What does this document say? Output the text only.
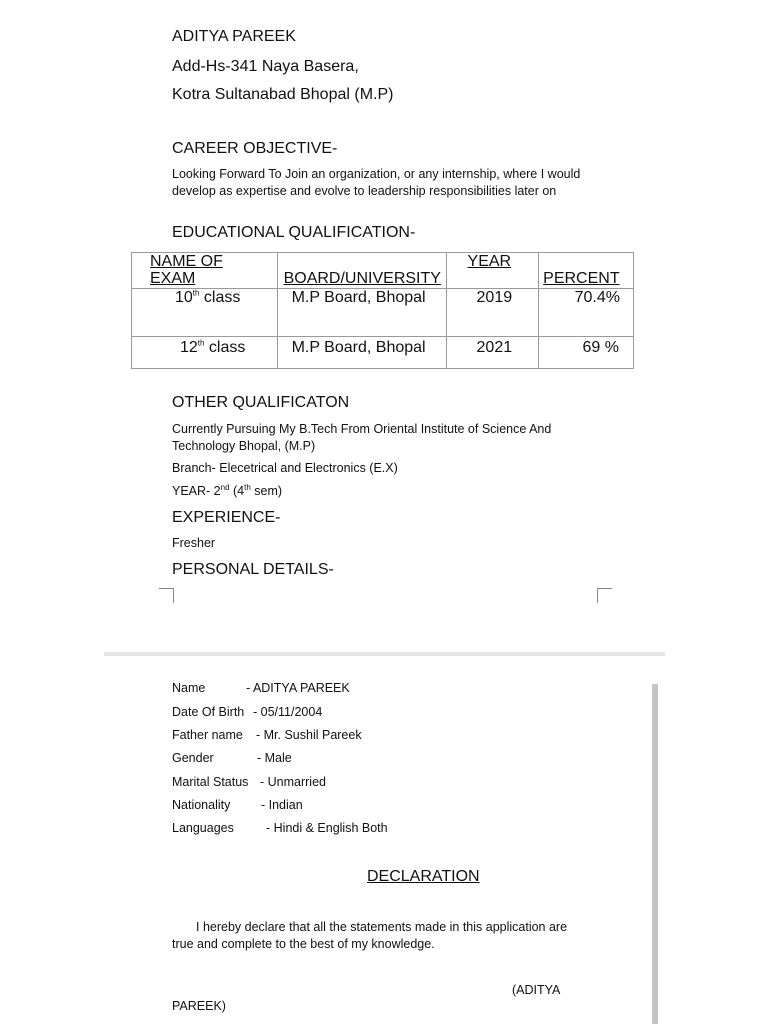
ADITYA PAREEK
Add-Hs-341 Naya Basera,
Kotra Sultanabad Bhopal (M.P)
CAREER OBJECTIVE-
Looking Forward To Join an organization, or any internship, where I would develop as expertise and evolve to leadership responsibilities later on
EDUCATIONAL QUALIFICATION-
NAME OF EXAM	BOARD/UNIVERSITY	YEAR	PERCENT

10th class	M.P Board, Bhopal	2019	70.4%

12th class	M.P Board, Bhopal	2021	69 %
OTHER QUALIFICATON
Currently Pursuing My B.Tech From Oriental Institute of Science And Technology Bhopal, (M.P)
Branch- Elecetrical and Electronics (E.X)
YEAR- 2nd (4th sem)
EXPERIENCE-
Fresher
PERSONAL DETAILS-
Name	- ADITYA PAREEK
Date Of Birth - 05/11/2004
Father name - Mr. Sushil Pareek
Gender	- Male
Marital Status - Unmarried
Nationality - Indian
Languages	- Hindi & English Both
DECLARATION
I hereby declare that all the statements made in this application are true and complete to the best of my knowledge.
(ADITYA
PAREEK)
